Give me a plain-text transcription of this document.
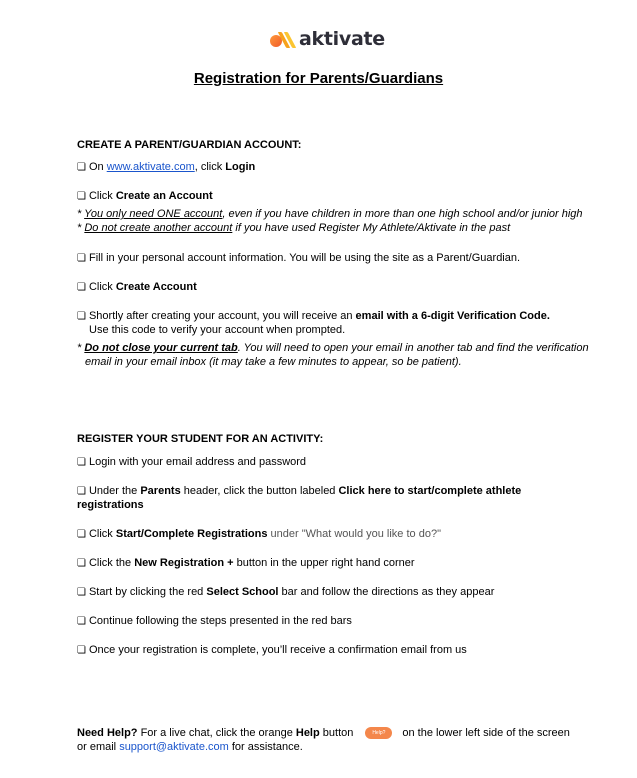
aktivate
Registration for Parents/Guardians
CREATE A PARENT/GUARDIAN ACCOUNT:
❏ On www.aktivate.com, click Login
❏ Click Create an Account
* You only need ONE account, even if you have children in more than one high school and/or junior high
* Do not create another account if you have used Register My Athlete/Aktivate in the past
❏ Fill in your personal account information. You will be using the site as a Parent/Guardian.
❏ Click Create Account
❏ Shortly after creating your account, you will receive an email with a 6-digit Verification Code.
Use this code to verify your account when prompted.
* Do not close your current tab. You will need to open your email in another tab and find the verification
email in your email inbox (it may take a few minutes to appear, so be patient).
REGISTER YOUR STUDENT FOR AN ACTIVITY:
❏ Login with your email address and password
❏ Under the Parents header, click the button labeled Click here to start/complete athlete
registrations
❏ Click Start/Complete Registrations under "What would you like to do?"
❏ Click the New Registration + button in the upper right hand corner
❏ Start by clicking the red Select School bar and follow the directions as they appear
❏ Continue following the steps presented in the red bars
❏ Once your registration is complete, you’ll receive a confirmation email from us
Need Help? For a live chat, click the orange Help button	Help? on the lower left side of the screen
or email support@aktivate.com for assistance.
